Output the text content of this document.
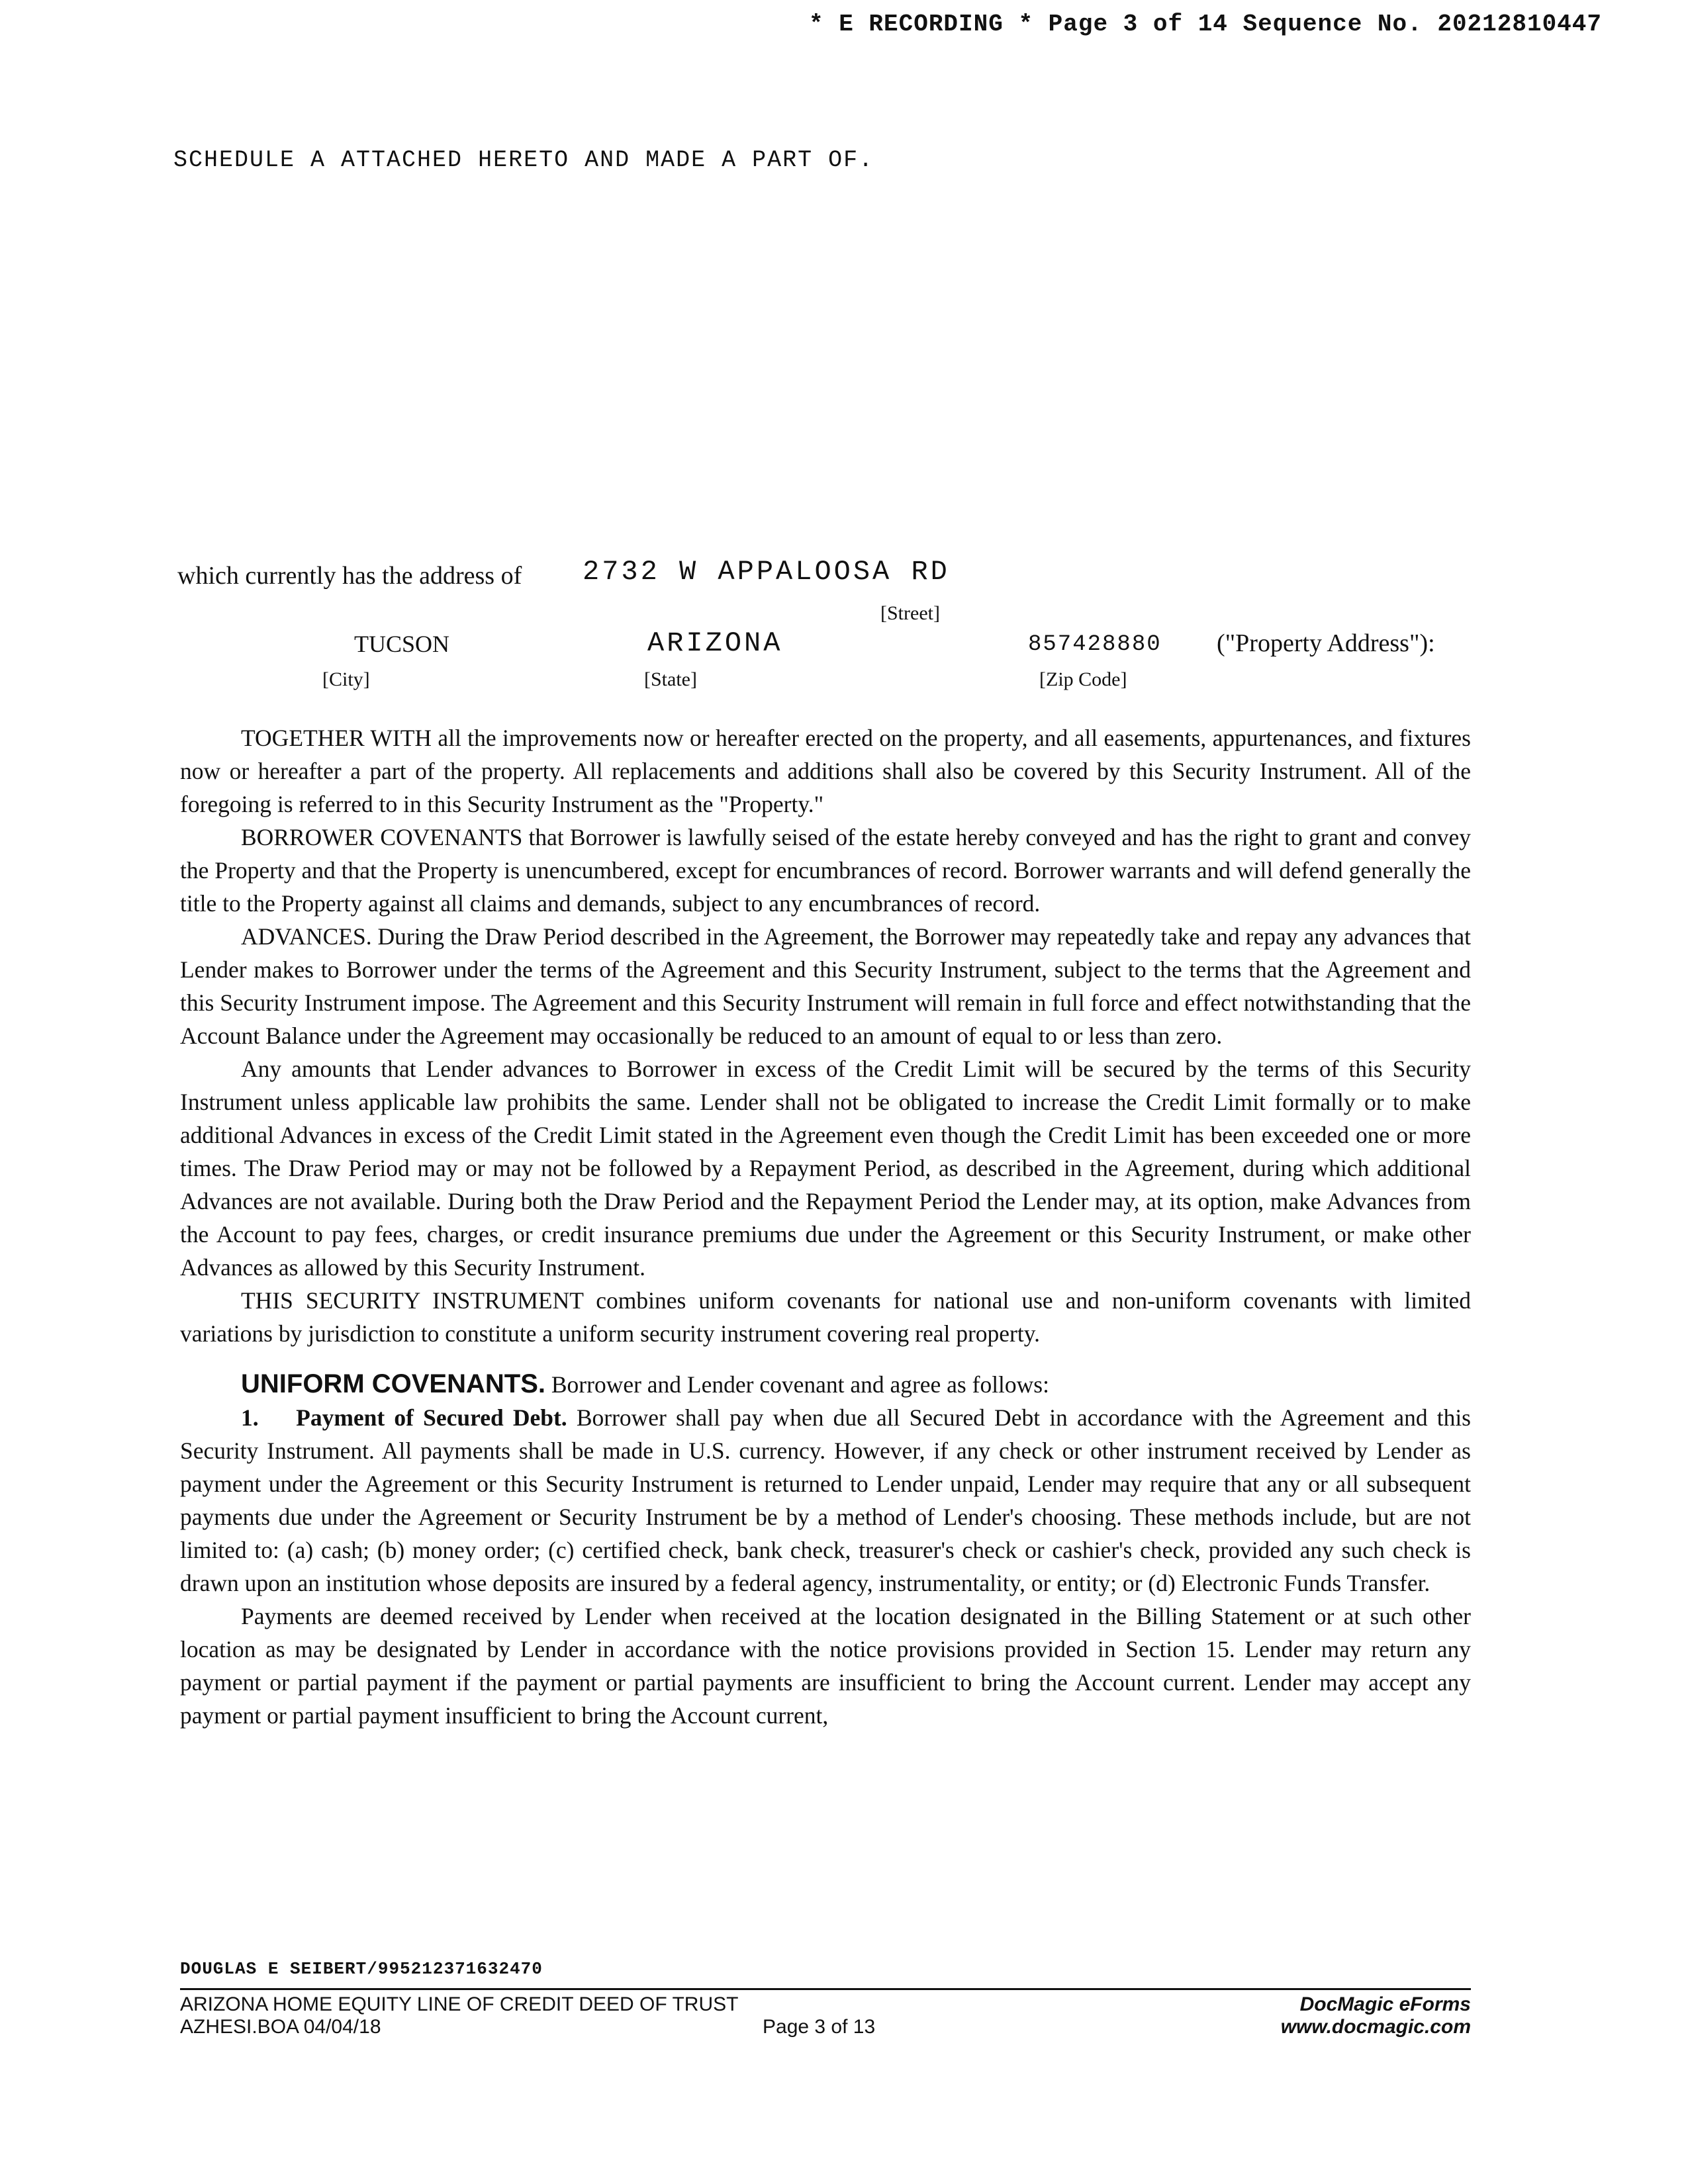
* E RECORDING * Page 3 of 14 Sequence No. 20212810447
SCHEDULE A ATTACHED HERETO AND MADE A PART OF.
which currently has the address of 2732 W APPALOOSA RD
[Street]
TUCSON	ARIZONA	857428880 ("Property Address"):
[City]	[State]	[Zip Code]

TOGETHER WITH all the improvements now or hereafter erected on the property, and all easements, appurtenances, and fixtures now or hereafter a part of the property. All replacements and additions shall also be covered by this Security Instrument. All of the foregoing is referred to in this Security Instrument as the "Property."

BORROWER COVENANTS that Borrower is lawfully seised of the estate hereby conveyed and has the right to grant and convey the Property and that the Property is unencumbered, except for encumbrances of record. Borrower warrants and will defend generally the title to the Property against all claims and demands, subject to any encumbrances of record.

ADVANCES. During the Draw Period described in the Agreement, the Borrower may repeatedly take and repay any advances that Lender makes to Borrower under the terms of the Agreement and this Security Instrument, subject to the terms that the Agreement and this Security Instrument impose. The Agreement and this Security Instrument will remain in full force and effect notwithstanding that the Account Balance under the Agreement may occasionally be reduced to an amount of equal to or less than zero.

Any amounts that Lender advances to Borrower in excess of the Credit Limit will be secured by the terms of this Security Instrument unless applicable law prohibits the same. Lender shall not be obligated to increase the Credit Limit formally or to make additional Advances in excess of the Credit Limit stated in the Agreement even though the Credit Limit has been exceeded one or more times. The Draw Period may or may not be followed by a Repayment Period, as described in the Agreement, during which additional Advances are not available. During both the Draw Period and the Repayment Period the Lender may, at its option, make Advances from the Account to pay fees, charges, or credit insurance premiums due under the Agreement or this Security Instrument, or make other Advances as allowed by this Security Instrument.

THIS SECURITY INSTRUMENT combines uniform covenants for national use and non-uniform covenants with limited variations by jurisdiction to constitute a uniform security instrument covering real property.

UNIFORM COVENANTS. Borrower and Lender covenant and agree as follows:

1. Payment of Secured Debt. Borrower shall pay when due all Secured Debt in accordance with the Agreement and this Security Instrument. All payments shall be made in U.S. currency. However, if any check or other instrument received by Lender as payment under the Agreement or this Security Instrument is returned to Lender unpaid, Lender may require that any or all subsequent payments due under the Agreement or Security Instrument be by a method of Lender's choosing. These methods include, but are not limited to: (a) cash; (b) money order; (c) certified check, bank check, treasurer's check or cashier's check, provided any such check is drawn upon an institution whose deposits are insured by a federal agency, instrumentality, or entity; or (d) Electronic Funds Transfer.

Payments are deemed received by Lender when received at the location designated in the Billing Statement or at such other location as may be designated by Lender in accordance with the notice provisions provided in Section 15. Lender may return any payment or partial payment if the payment or partial payments are insufficient to bring the Account current. Lender may accept any payment or partial payment insufficient to bring the Account current,

DOUGLAS E SEIBERT/995212371632470
ARIZONA HOME EQUITY LINE OF CREDIT DEED OF TRUST
AZHESI.BOA 04/04/18	Page 3 of 13
DocMagic eForms
www.docmagic.com
